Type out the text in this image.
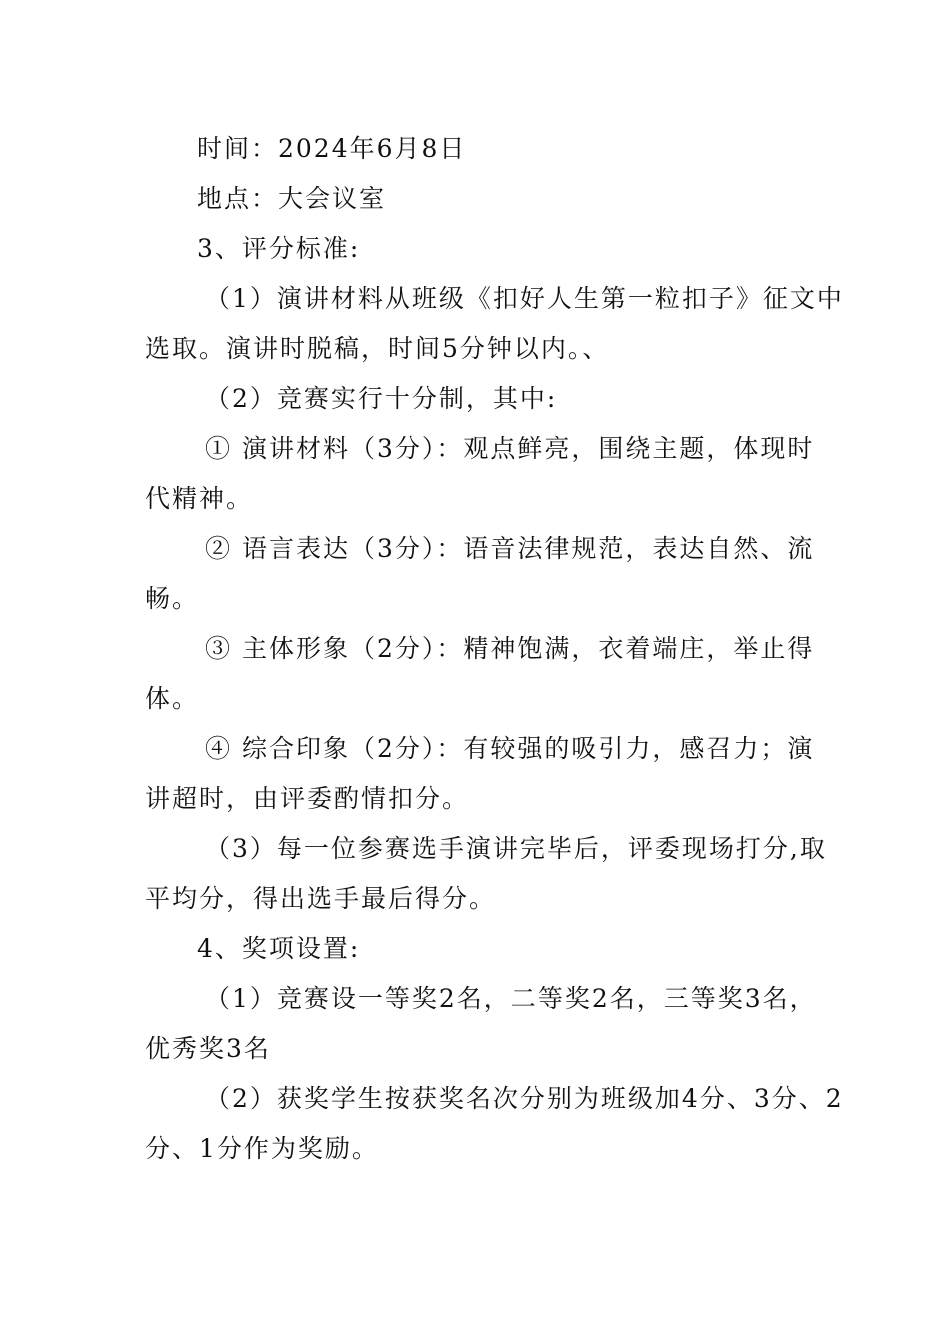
时间：2024年6月8日
地点：大会议室
3、评分标准:
（1）演讲材料从班级《扣好人生第一粒扣子》征文中
选取。演讲时脱稿，时间5分钟以内。、
（2）竞赛实行十分制，其中:
① 演讲材料（3分）：观点鲜亮，围绕主题，体现时
代精神。
② 语言表达（3分）：语音法律规范，表达自然、流
畅。
③ 主体形象（2分）：精神饱满，衣着端庄，举止得
体。
④ 综合印象（2分）：有较强的吸引力，感召力；演
讲超时，由评委酌情扣分。
（3）每一位参赛选手演讲完毕后，评委现场打分,取
平均分，得出选手最后得分。
4、奖项设置:
（1）竞赛设一等奖2名，二等奖2名，三等奖3名，
优秀奖3名
（2）获奖学生按获奖名次分别为班级加4分、3分、2
分、1分作为奖励。
